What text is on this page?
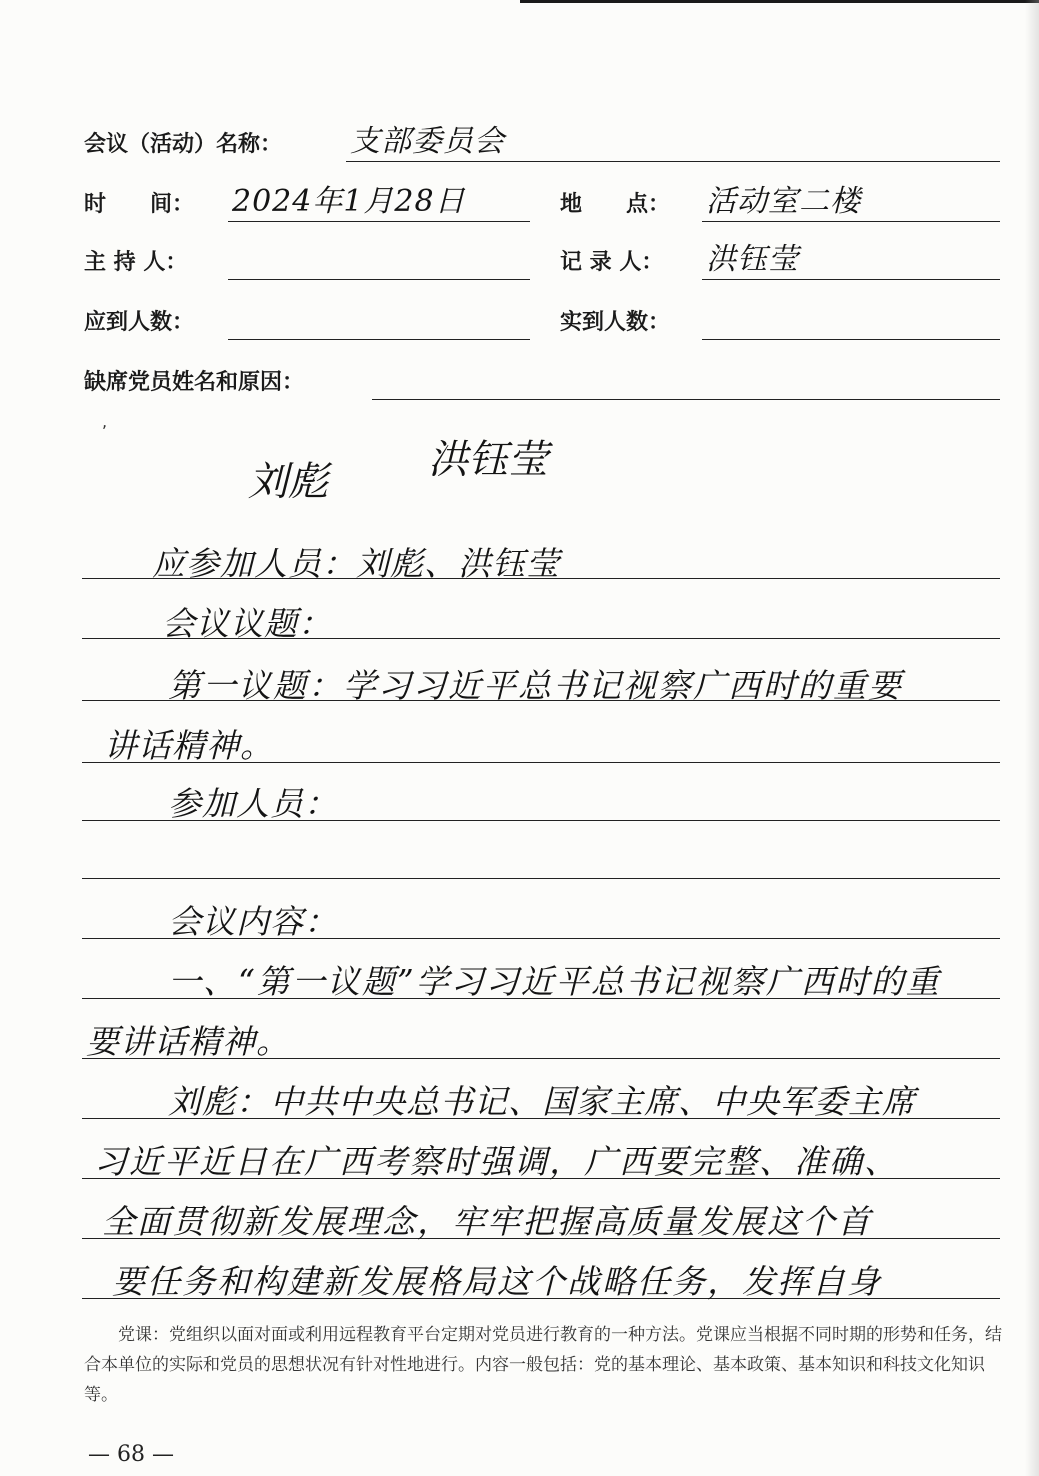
会议（活动）名称： 支部委员会
时　　间： 2024年1月28日	地　　点： 活动室二楼
主 持 人：	记 录 人： 洪钰莹
应到人数：	实到人数：
缺席党员姓名和原因：
,
刘彪	洪钰莹
应参加人员：刘彪、洪钰莹
会议议题：
第一议题：学习习近平总书记视察广西时的重要
讲话精神。
参加人员：
会议内容：
一、“第一议题”学习习近平总书记视察广西时的重
要讲话精神。
刘彪：中共中央总书记、国家主席、中央军委主席
习近平近日在广西考察时强调，广西要完整、准确、
全面贯彻新发展理念，牢牢把握高质量发展这个首
要任务和构建新发展格局这个战略任务，发挥自身

党课：党组织以面对面或利用远程教育平台定期对党员进行教育的一种方法。党课应当根据不同时期的形势和任务，结合本单位的实际和党员的思想状况有针对性地进行。内容一般包括：党的基本理论、基本政策、基本知识和科技文化知识等。

— 68 —
